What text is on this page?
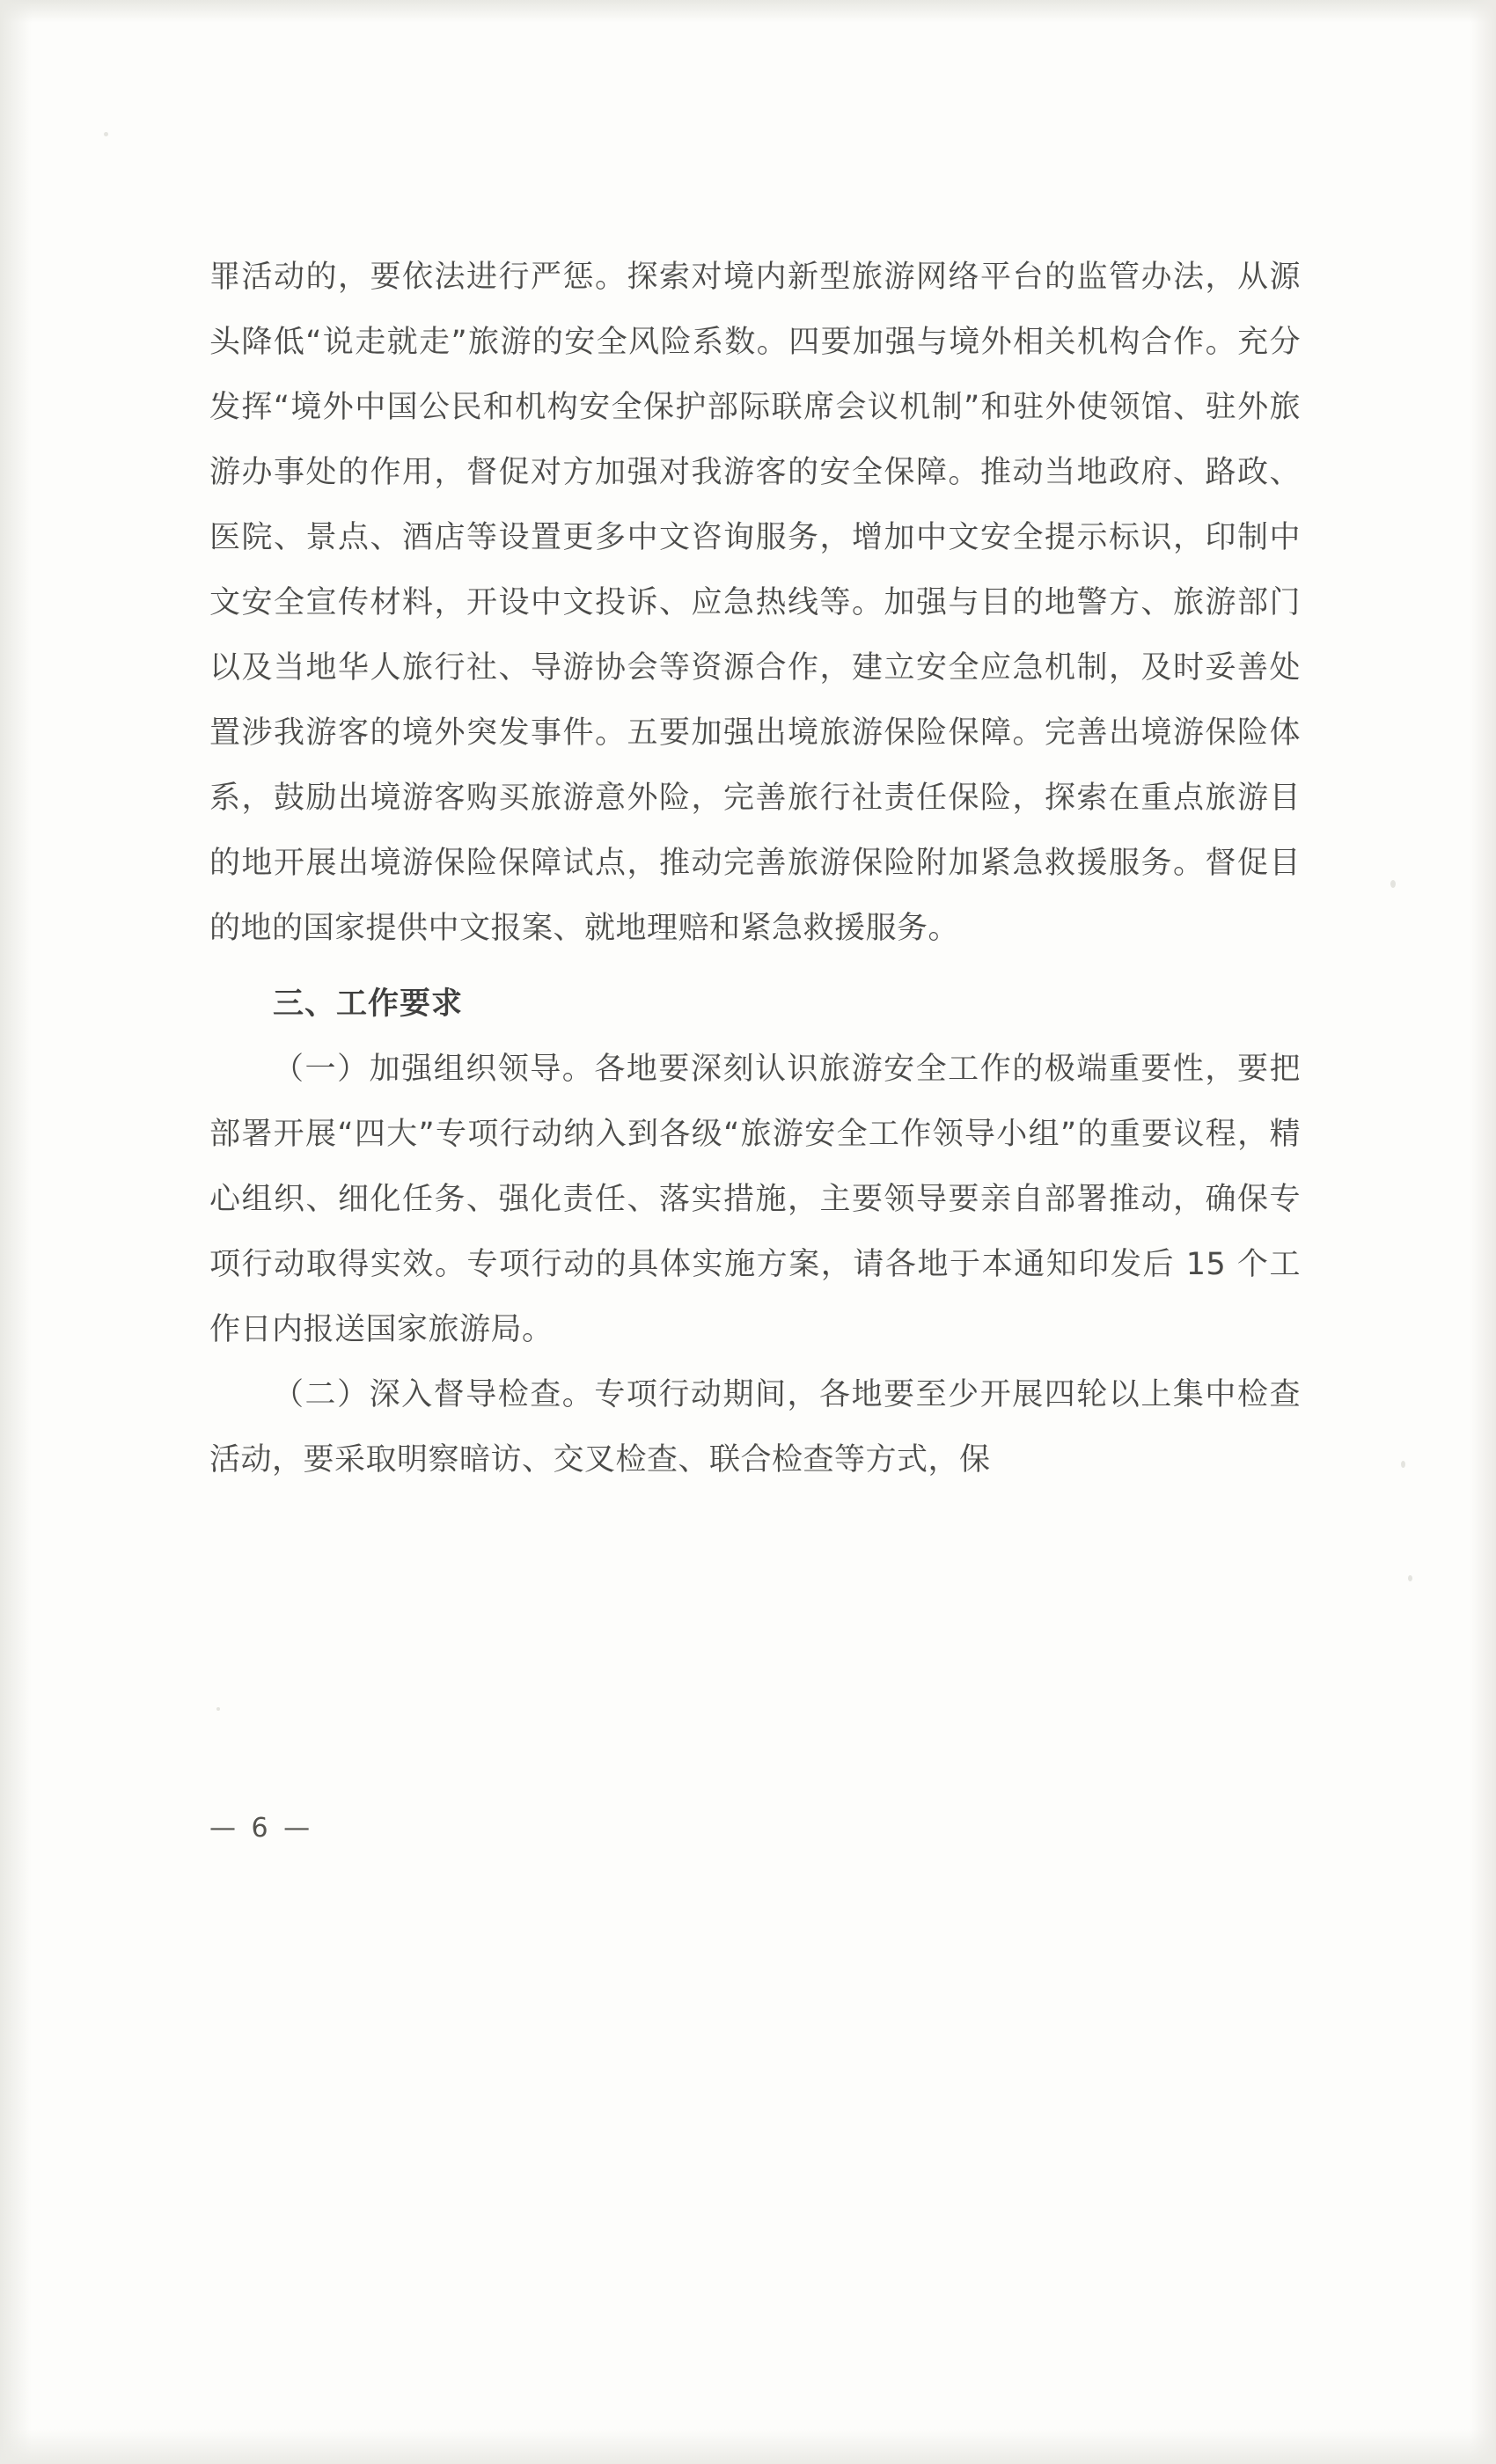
罪活动的，要依法进行严惩。探索对境内新型旅游网络平台的监管办法，从源头降低“说走就走”旅游的安全风险系数。四要加强与境外相关机构合作。充分发挥“境外中国公民和机构安全保护部际联席会议机制”和驻外使领馆、驻外旅游办事处的作用，督促对方加强对我游客的安全保障。推动当地政府、路政、医院、景点、酒店等设置更多中文咨询服务，增加中文安全提示标识，印制中文安全宣传材料，开设中文投诉、应急热线等。加强与目的地警方、旅游部门以及当地华人旅行社、导游协会等资源合作，建立安全应急机制，及时妥善处置涉我游客的境外突发事件。五要加强出境旅游保险保障。完善出境游保险体系，鼓励出境游客购买旅游意外险，完善旅行社责任保险，探索在重点旅游目的地开展出境游保险保障试点，推动完善旅游保险附加紧急救援服务。督促目的地的国家提供中文报案、就地理赔和紧急救援服务。

三、工作要求

（一）加强组织领导。各地要深刻认识旅游安全工作的极端重要性，要把部署开展“四大”专项行动纳入到各级“旅游安全工作领导小组”的重要议程，精心组织、细化任务、强化责任、落实措施，主要领导要亲自部署推动，确保专项行动取得实效。专项行动的具体实施方案，请各地于本通知印发后 15 个工作日内报送国家旅游局。

（二）深入督导检查。专项行动期间，各地要至少开展四轮以上集中检查活动，要采取明察暗访、交叉检查、联合检查等方式，保

— 6 —
